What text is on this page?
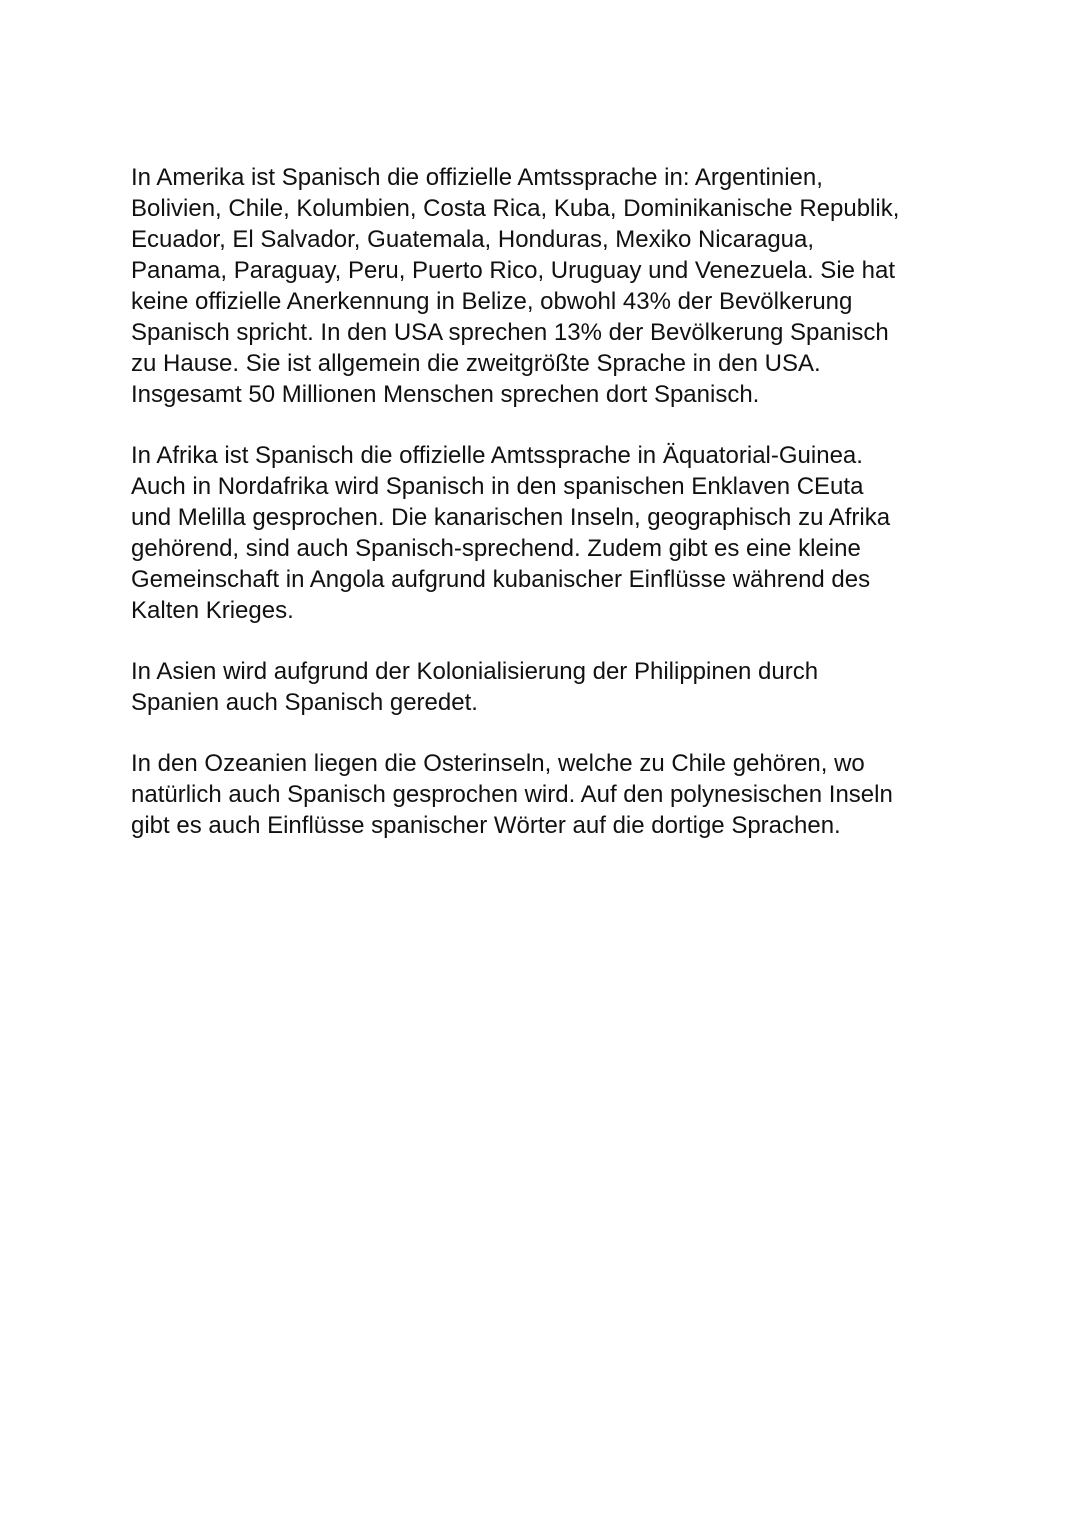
In Amerika ist Spanisch die offizielle Amtssprache in: Argentinien,
Bolivien, Chile, Kolumbien, Costa Rica, Kuba, Dominikanische Republik,
Ecuador, El Salvador, Guatemala, Honduras, Mexiko Nicaragua,
Panama, Paraguay, Peru, Puerto Rico, Uruguay und Venezuela. Sie hat
keine offizielle Anerkennung in Belize, obwohl 43% der Bevölkerung
Spanisch spricht. In den USA sprechen 13% der Bevölkerung Spanisch
zu Hause. Sie ist allgemein die zweitgrößte Sprache in den USA.
Insgesamt 50 Millionen Menschen sprechen dort Spanisch.

In Afrika ist Spanisch die offizielle Amtssprache in Äquatorial-Guinea.
Auch in Nordafrika wird Spanisch in den spanischen Enklaven CEuta
und Melilla gesprochen. Die kanarischen Inseln, geographisch zu Afrika
gehörend, sind auch Spanisch-sprechend. Zudem gibt es eine kleine
Gemeinschaft in Angola aufgrund kubanischer Einflüsse während des
Kalten Krieges.

In Asien wird aufgrund der Kolonialisierung der Philippinen durch
Spanien auch Spanisch geredet.

In den Ozeanien liegen die Osterinseln, welche zu Chile gehören, wo
natürlich auch Spanisch gesprochen wird. Auf den polynesischen Inseln
gibt es auch Einflüsse spanischer Wörter auf die dortige Sprachen.
